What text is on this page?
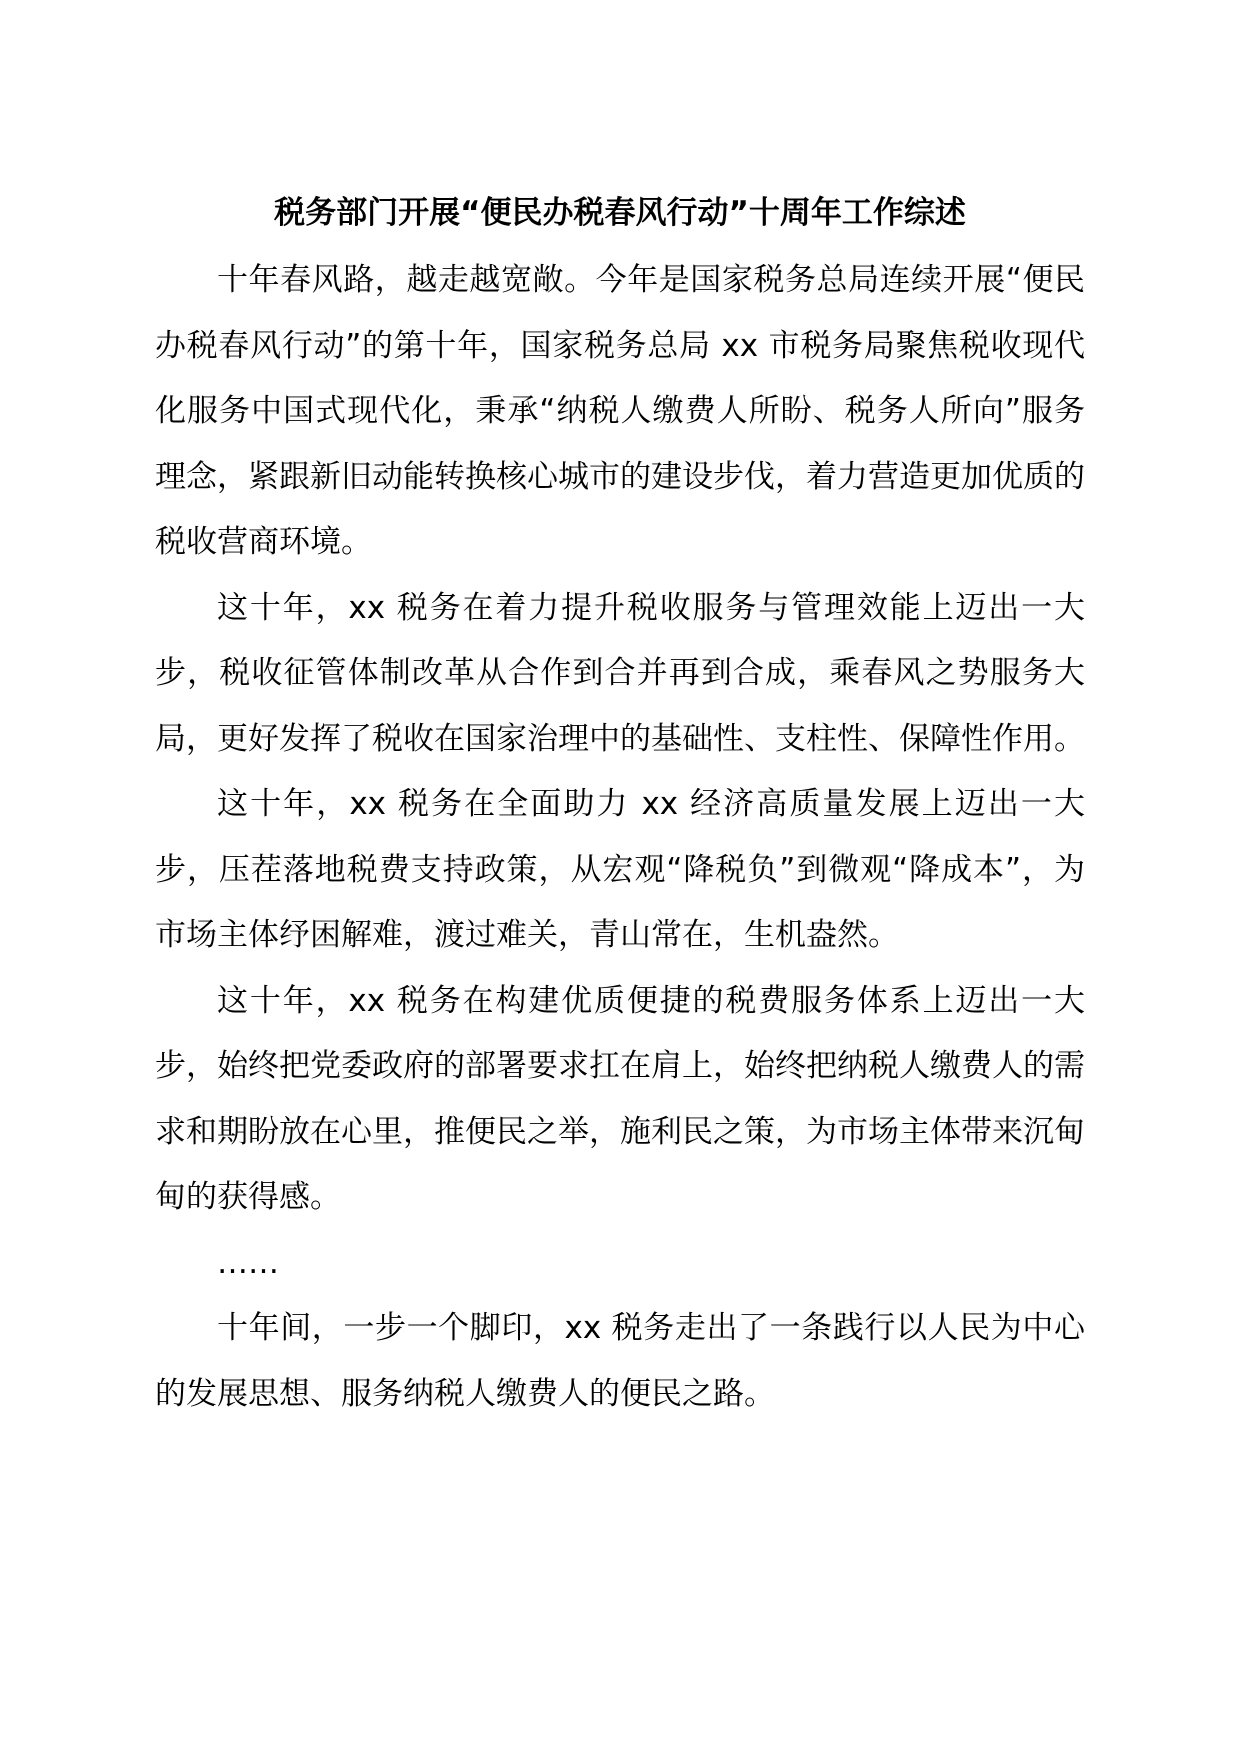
税务部门开展“便民办税春风行动”十周年工作综述

十年春风路，越走越宽敞。今年是国家税务总局连续开展“便民办税春风行动”的第十年，国家税务总局 xx 市税务局聚焦税收现代化服务中国式现代化，秉承“纳税人缴费人所盼、税务人所向”服务理念，紧跟新旧动能转换核心城市的建设步伐，着力营造更加优质的税收营商环境。

这十年，xx 税务在着力提升税收服务与管理效能上迈出一大步，税收征管体制改革从合作到合并再到合成，乘春风之势服务大局，更好发挥了税收在国家治理中的基础性、支柱性、保障性作用。

这十年，xx 税务在全面助力 xx 经济高质量发展上迈出一大步，压茬落地税费支持政策，从宏观“降税负”到微观“降成本”，为市场主体纾困解难，渡过难关，青山常在，生机盎然。

这十年，xx 税务在构建优质便捷的税费服务体系上迈出一大步，始终把党委政府的部署要求扛在肩上，始终把纳税人缴费人的需求和期盼放在心里，推便民之举，施利民之策，为市场主体带来沉甸甸的获得感。

……

十年间，一步一个脚印，xx 税务走出了一条践行以人民为中心的发展思想、服务纳税人缴费人的便民之路。
